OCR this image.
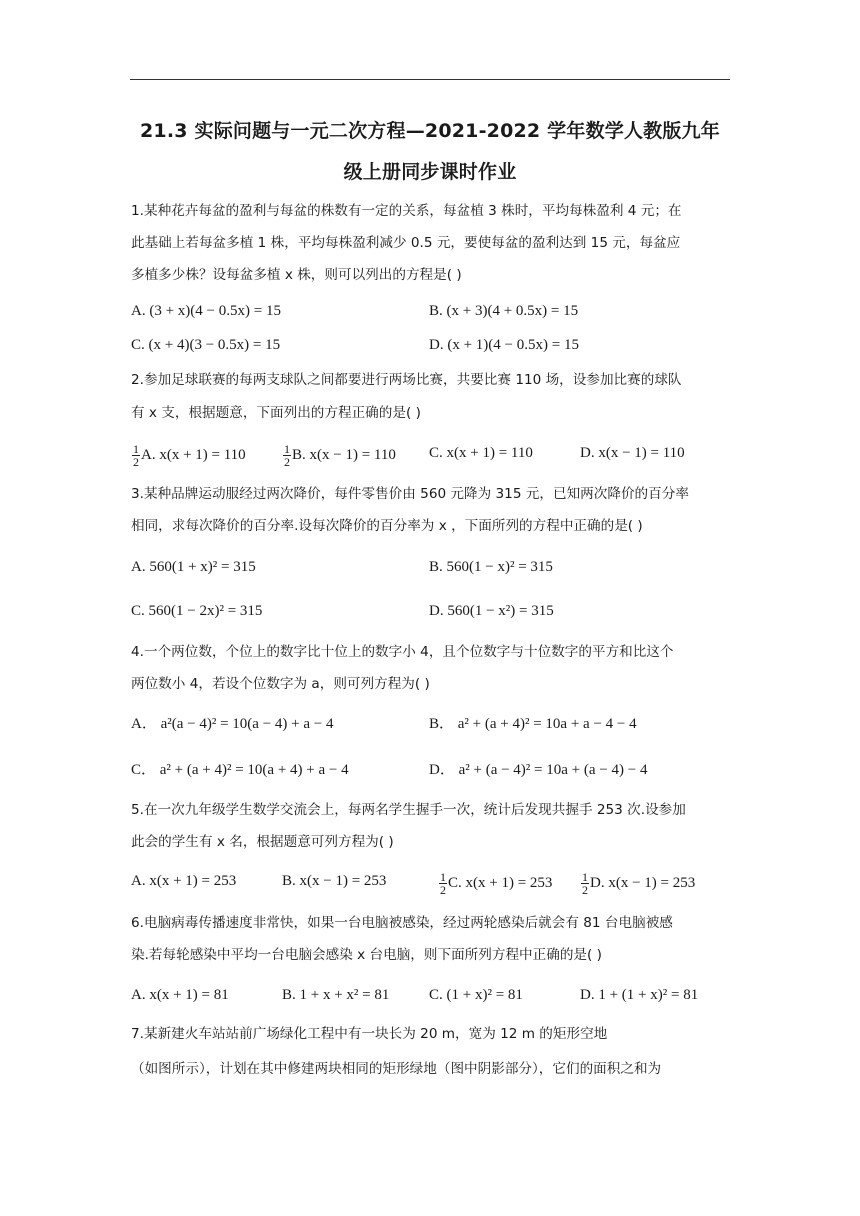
21.3 实际问题与一元二次方程—2021-2022 学年数学人教版九年
级上册同步课时作业
1.某种花卉每盆的盈利与每盆的株数有一定的关系，每盆植 3 株时，平均每株盈利 4 元；在
此基础上若每盆多植 1 株，平均每株盈利减少 0.5 元，要使每盆的盈利达到 15 元，每盆应
多植多少株？设每盆多植 x 株，则可以列出的方程是( )
A. (3 + x)(4 − 0.5x) = 15	B. (x + 3)(4 + 0.5x) = 15
C. (x + 4)(3 − 0.5x) = 15	D. (x + 1)(4 − 0.5x) = 15
2.参加足球联赛的每两支球队之间都要进行两场比赛，共要比赛 110 场，设参加比赛的球队
有 x 支，根据题意，下面列出的方程正确的是( )
$\frac{1}{2} A$. x(x + 1) = 110	$\frac{1}{2} B$. x(x − 1) = 110 C. x(x + 1) = 110	D. x(x − 1) = 110
3.某种品牌运动服经过两次降价，每件零售价由 560 元降为 315 元，已知两次降价的百分率
相同，求每次降价的百分率.设每次降价的百分率为 x ，下面所列的方程中正确的是( )
A. 560(1 + x)² = 315	B. 560(1 − x)² = 315
C. 560(1 − 2x)² = 315	D. 560(1 − x²) = 315
4.一个两位数，个位上的数字比十位上的数字小 4，且个位数字与十位数字的平方和比这个
两位数小 4，若设个位数字为 a，则可列方程为( )
A． a²(a − 4)² = 10(a − 4) + a − 4	B． a² + (a + 4)² = 10a + a − 4 − 4
C． a² + (a + 4)² = 10(a + 4) + a − 4	D． a² + (a − 4)² = 10a + (a − 4) − 4
5.在一次九年级学生数学交流会上，每两名学生握手一次，统计后发现共握手 253 次.设参加
此会的学生有 x 名，根据题意可列方程为( )
A. x(x + 1) = 253	B. x(x − 1) = 253	$\frac{1}{2} C$. $x(x + 1) = 253 \frac{1}{2} D$. x(x − 1) = 253
6.电脑病毒传播速度非常快，如果一台电脑被感染，经过两轮感染后就会有 81 台电脑被感
染.若每轮感染中平均一台电脑会感染 x 台电脑，则下面所列方程中正确的是( )
A. x(x + 1) = 81	B. 1 + x + x² = 81	C. (1 + x)² = 81	D. 1 + (1 + x)² = 81
7.某新建火车站站前广场绿化工程中有一块长为 20 m，宽为 12 m 的矩形空地
（如图所示），计划在其中修建两块相同的矩形绿地（图中阴影部分），它们的面积之和为
